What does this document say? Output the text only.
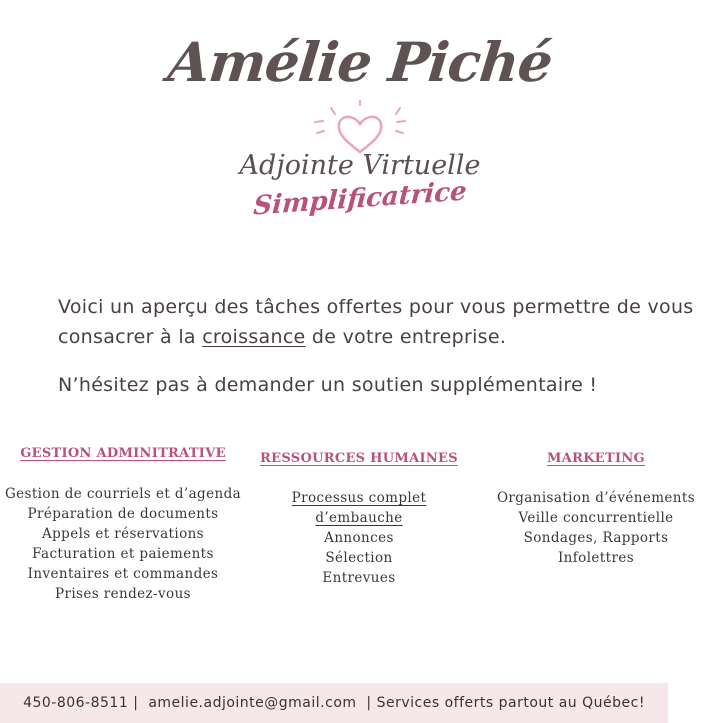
Amélie Piché
Adjointe Virtuelle
Simplificatrice

Voici un aperçu des tâches offertes pour vous permettre de vous consacrer à la croissance de votre entreprise.

N’hésitez pas à demander un soutien supplémentaire !

GESTION ADMINITRATIVE
Gestion de courriels et d’agenda
Préparation de documents
Appels et réservations
Facturation et paiements
Inventaires et commandes
Prises rendez-vous
RESSOURCES HUMAINES
Processus complet
d’embauche
Annonces
Sélection
Entrevues
MARKETING
Organisation d’événements
Veille concurrentielle
Sondages, Rapports
Infolettres
450-806-8511 | amelie.adjointe@gmail.com | Services offerts partout au Québec!
